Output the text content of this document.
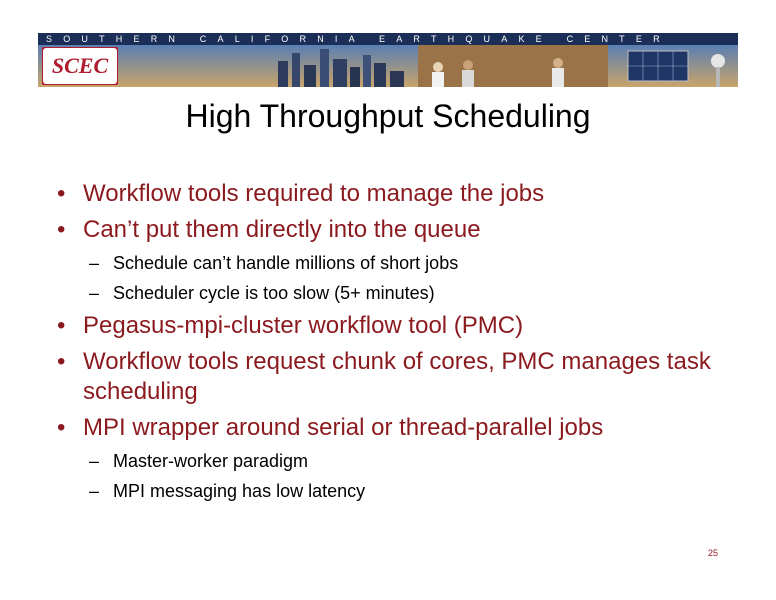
SOUTHERN CALIFORNIA EARTHQUAKE CENTER
SCEC
High Throughput Scheduling
• Workflow tools required to manage the jobs
• Can’t put them directly into the queue
– Schedule can’t handle millions of short jobs
– Scheduler cycle is too slow (5+ minutes)
• Pegasus-mpi-cluster workflow tool (PMC)
• Workflow tools request chunk of cores, PMC manages task scheduling
• MPI wrapper around serial or thread-parallel jobs
– Master-worker paradigm
– MPI messaging has low latency
25
